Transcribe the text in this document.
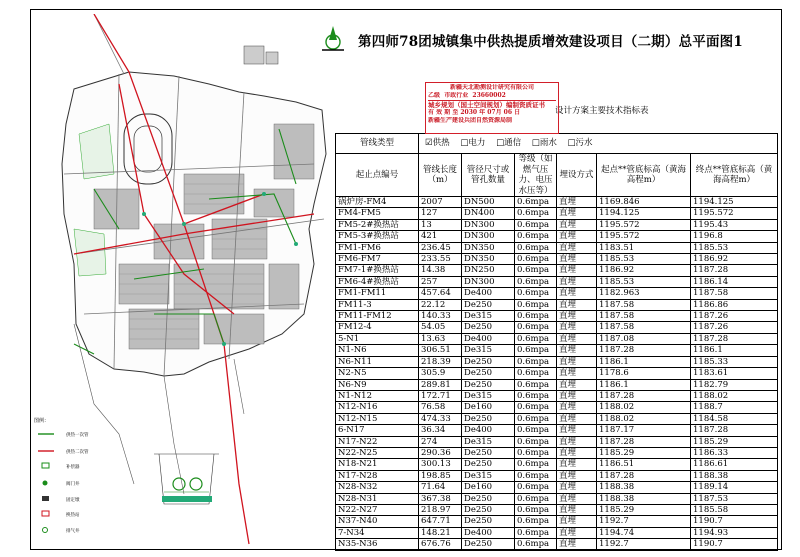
图例：
供热一次管
供热二次管
补偿器
阀门井
固定墩
换热站
排气井
第四师78团城镇集中供热提质增效建设项目（二期）总平面图1

管线类型	☑供热 □电力 □通信 □雨水 □污水					
起止点编号	管线长度（m）	管径尺寸或管孔数量	等级（如燃气压力、电压水压等）	埋设方式	起点**管底标高（黄海高程m）	终点**管底标高（黄海高程m）
锅炉房-FM4	2007	DN500	0.6mpa	直埋	1169.846	1194.125
FM4-FM5	127	DN400	0.6mpa	直埋	1194.125	1195.572
FM5-2#换热站	13	DN300	0.6mpa	直埋	1195.572	1195.43
FM5-3#换热站	421	DN300	0.6mpa	直埋	1195.572	1196.8
FM1-FM6	236.45	DN350	0.6mpa	直埋	1183.51	1185.53
FM6-FM7	233.55	DN350	0.6mpa	直埋	1185.53	1186.92
FM7-1#换热站	14.38	DN250	0.6mpa	直埋	1186.92	1187.28
FM6-4#换热站	257	DN300	0.6mpa	直埋	1185.53	1186.14
FM1-FM11	457.64	De400	0.6mpa	直埋	1182.963	1187.58
FM11-3	22.12	De250	0.6mpa	直埋	1187.58	1186.86
FM11-FM12	140.33	De315	0.6mpa	直埋	1187.58	1187.26
FM12-4	54.05	De250	0.6mpa	直埋	1187.58	1187.26
5-N1	13.63	De400	0.6mpa	直埋	1187.08	1187.28
N1-N6	306.51	De315	0.6mpa	直埋	1187.28	1186.1
N6-N11	218.39	De250	0.6mpa	直埋	1186.1	1185.33
N2-N5	305.9	De250	0.6mpa	直埋	1178.6	1183.61
N6-N9	289.81	De250	0.6mpa	直埋	1186.1	1182.79
N1-N12	172.71	De315	0.6mpa	直埋	1187.28	1188.02
N12-N16	76.58	De160	0.6mpa	直埋	1188.02	1188.7
N12-N15	474.33	De250	0.6mpa	直埋	1188.02	1184.58
6-N17	36.34	De400	0.6mpa	直埋	1187.17	1187.28
N17-N22	274	De315	0.6mpa	直埋	1187.28	1185.29
N22-N25	290.36	De250	0.6mpa	直埋	1185.29	1186.33
N18-N21	300.13	De250	0.6mpa	直埋	1186.51	1186.61
N17-N28	198.85	De315	0.6mpa	直埋	1187.28	1188.38
N28-N32	71.64	De160	0.6mpa	直埋	1188.38	1189.14
N28-N31	367.38	De250	0.6mpa	直埋	1188.38	1187.53
N22-N27	218.97	De250	0.6mpa	直埋	1185.29	1185.58
N37-N40	647.71	De250	0.6mpa	直埋	1192.7	1190.7
7-N34	148.21	De400	0.6mpa	直埋	1194.74	1194.93
N35-N36	676.76	De250	0.6mpa	直埋	1192.7	1190.7
设计方案主要技术指标表
新疆天北勘测设计研究有限公司
乙级 市政行业 23660002
城乡规划（国土空间规划）编制资质证书
有 效 期 至 2030 年 07月 06 日
新疆生产建设兵团自然资源局制
